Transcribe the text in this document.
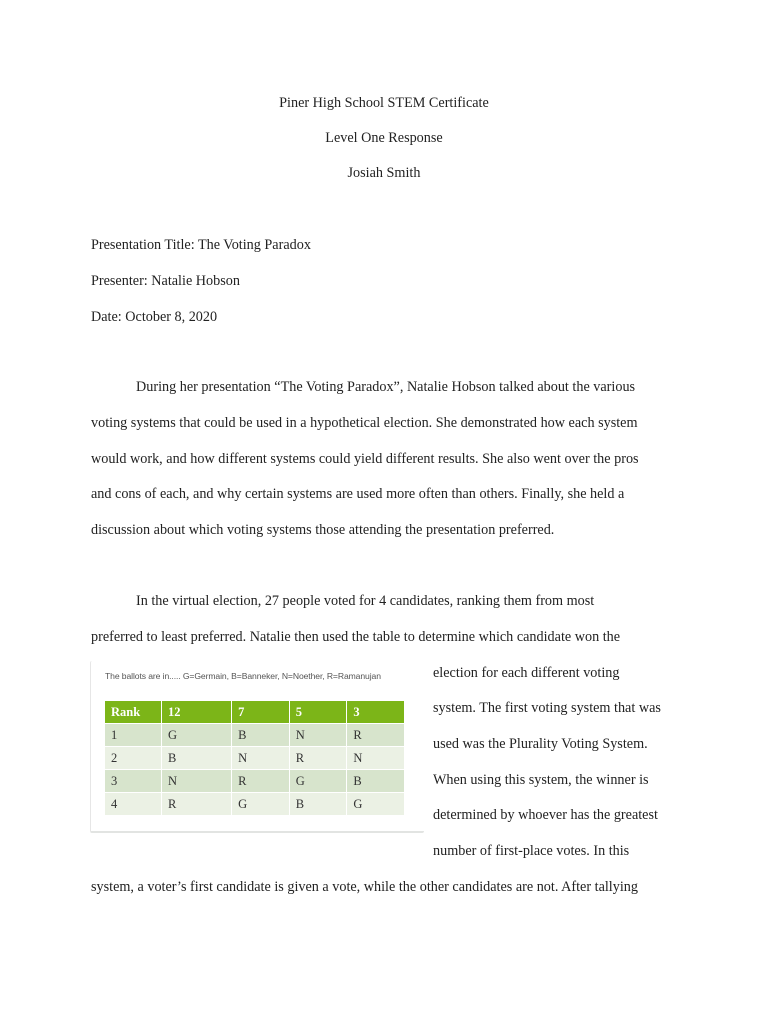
Piner High School STEM Certificate
Level One Response
Josiah Smith
Presentation Title: The Voting Paradox
Presenter: Natalie Hobson
Date: October 8, 2020
During her presentation “The Voting Paradox”, Natalie Hobson talked about the various
voting systems that could be used in a hypothetical election. She demonstrated how each system
would work, and how different systems could yield different results. She also went over the pros
and cons of each, and why certain systems are used more often than others. Finally, she held a
discussion about which voting systems those attending the presentation preferred.
In the virtual election, 27 people voted for 4 candidates, ranking them from most
preferred to least preferred. Natalie then used the table to determine which candidate won the
election for each different voting
system. The first voting system that was
used was the Plurality Voting System.
When using this system, the winner is
determined by whoever has the greatest
number of first-place votes. In this
system, a voter’s first candidate is given a vote, while the other candidates are not. After tallying
The ballots are in..... G=Germain, B=Banneker, N=Noether, R=Ramanujan
Rank	12	7	5	3
1	G	B	N	R
2	B	N	R	N
3	N	R	G	B
4	R	G	B	G
